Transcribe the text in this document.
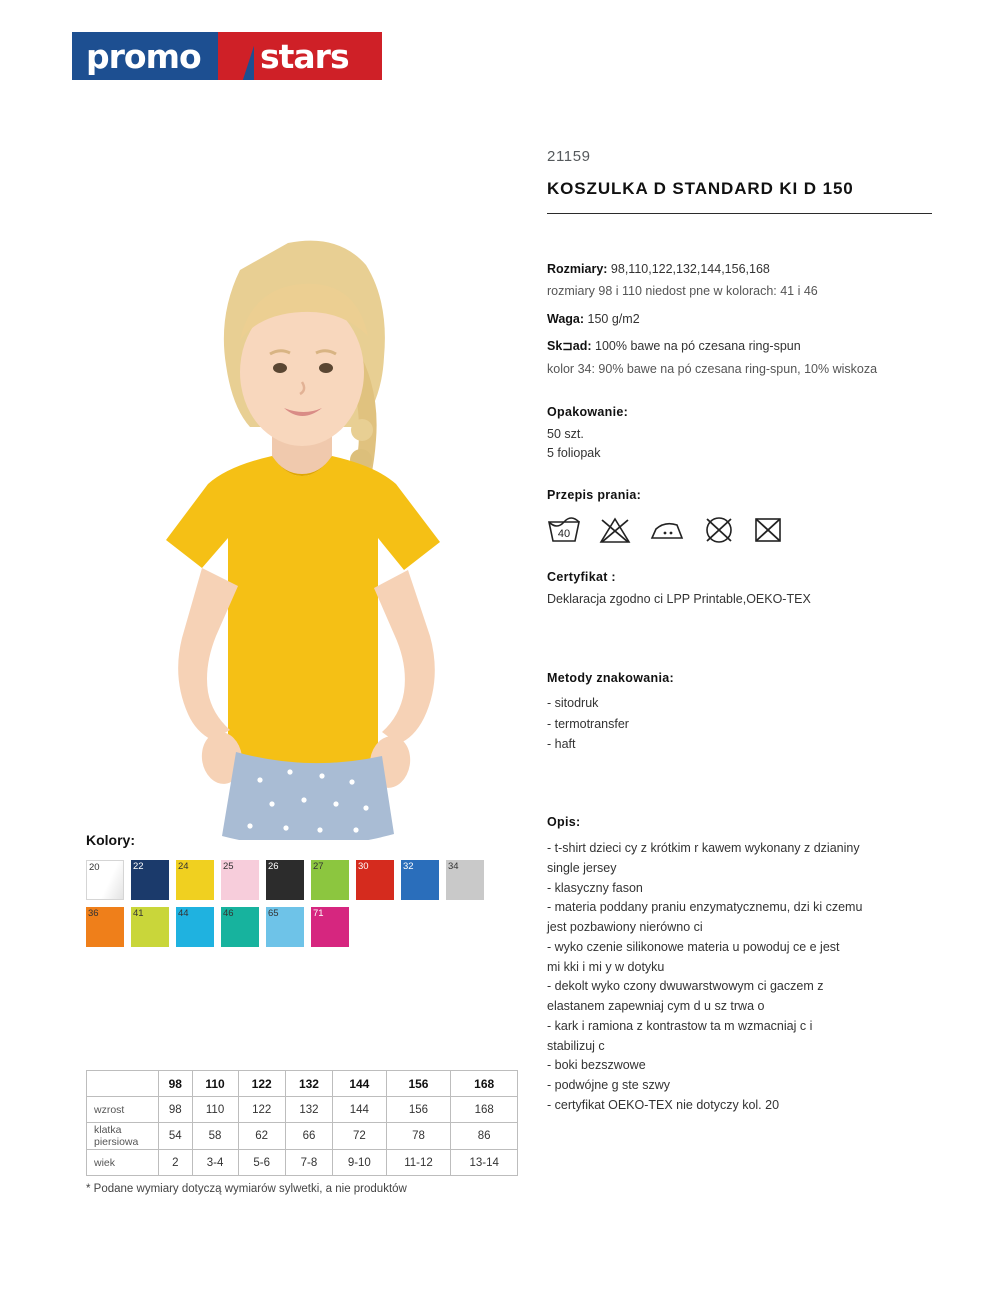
promo	stars
21159
KOSZULKA D STANDARD KI D 150
Rozmiary: 98,110,122,132,144,156,168
rozmiary 98 i 110 niedost pne w kolorach: 41 i 46
Waga: 150 g/m2
Sk⊐ad: 100% bawe na pó czesana ring-spun
kolor 34: 90% bawe na pó czesana ring-spun, 10% wiskoza
Opakowanie:
50 szt.
5 foliopak
Przepis prania:
40
Certyfikat :
Deklaracja zgodno ci LPP Printable,OEKO-TEX
Metody znakowania:
- sitodruk
- termotransfer
- haft
Opis:
- t-shirt dzieci cy z krótkim r kawem wykonany z dzianiny
single jersey
- klasyczny fason
- materia poddany praniu enzymatycznemu, dzi ki czemu
jest pozbawiony nierówno ci
- wyko czenie silikonowe materia u powoduj ce e jest
mi kki i mi y w dotyku
- dekolt wyko czony dwuwarstwowym ci gaczem z
elastanem zapewniaj cym d u sz trwa o
- kark i ramiona z kontrastow ta m wzmacniaj c i
stabilizuj c
- boki bezszwowe
- podwójne g ste szwy
- certyfikat OEKO-TEX nie dotyczy kol. 20
Kolory:
20	22	24	25	26	27	30	32	34
36	41	44	46	65	71
	98	110	122	132	144	156	168
wzrost	98	110	122	132	144	156	168
klatka
piersiowa	54	58	62	66	72	78	86
wiek	2	3-4	5-6	7-8	9-10	11-12	13-14
* Podane wymiary dotyczą wymiarów sylwetki, a nie produktów
